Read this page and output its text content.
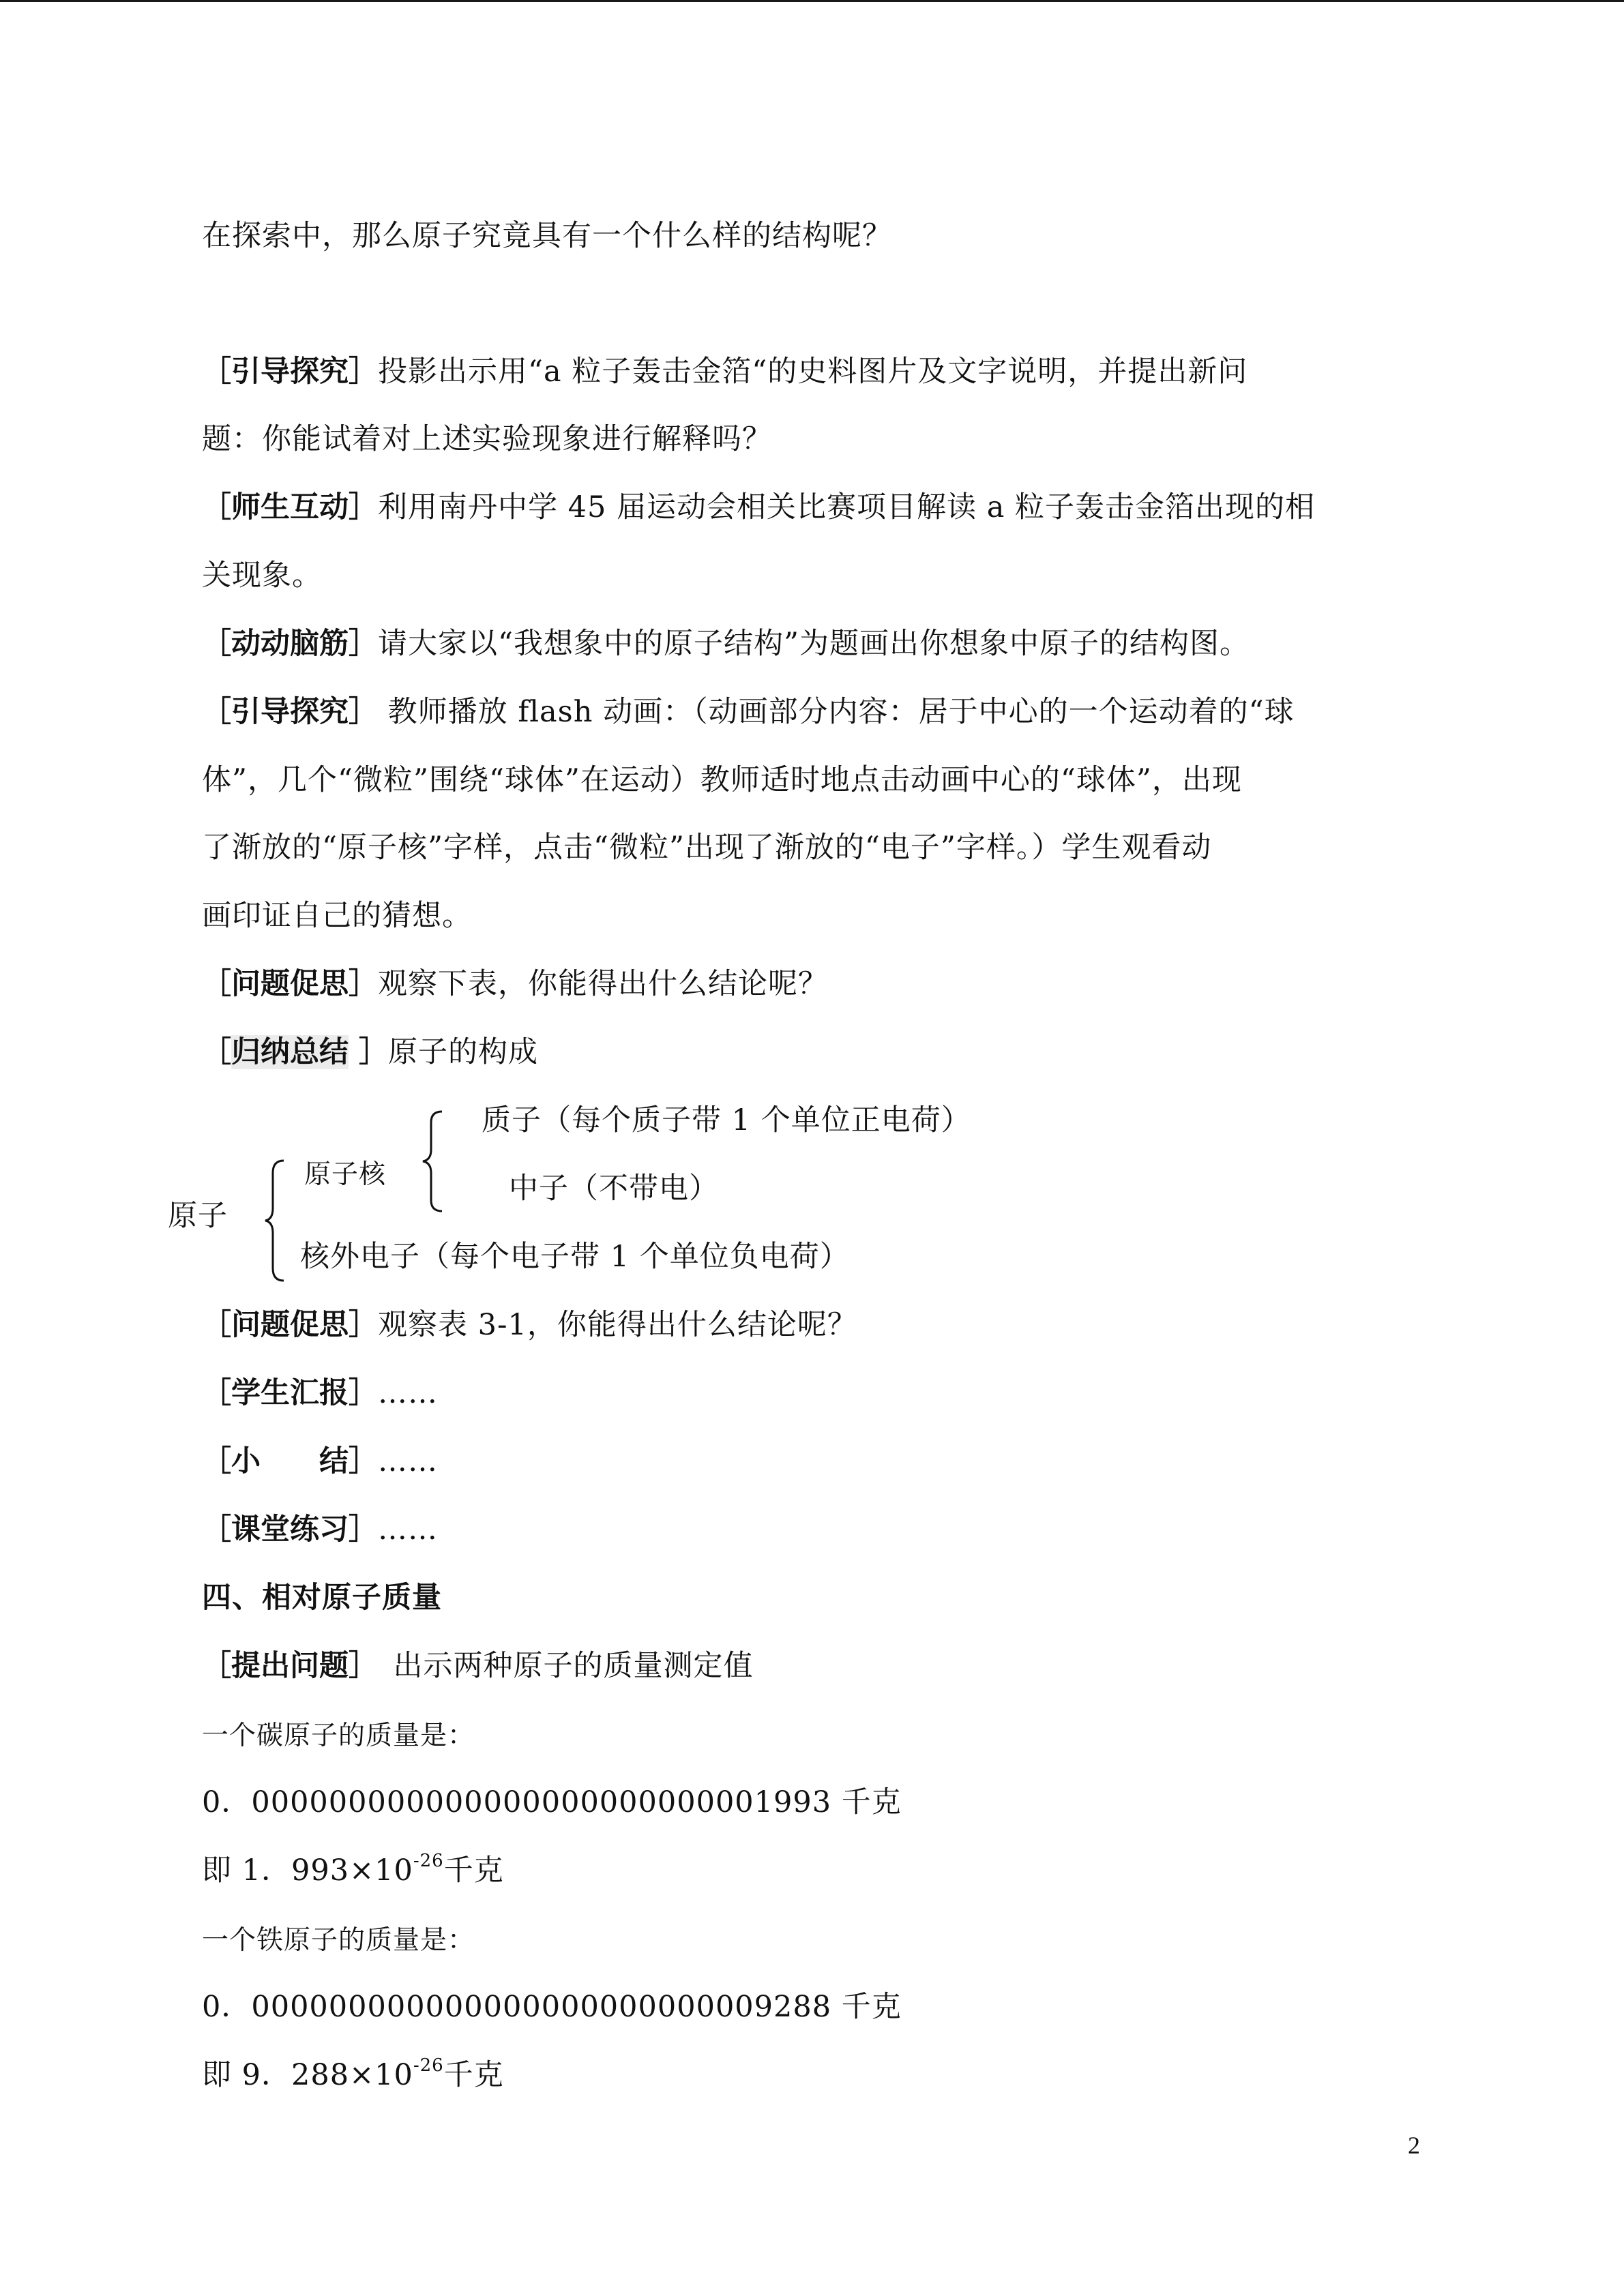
在探索中，那么原子究竟具有一个什么样的结构呢？
［引导探究］投影出示用“a 粒子轰击金箔“的史料图片及文字说明，并提出新问
题：你能试着对上述实验现象进行解释吗？
［师生互动］利用南丹中学 45 届运动会相关比赛项目解读 a 粒子轰击金箔出现的相
关现象。
［动动脑筋］请大家以“我想象中的原子结构”为题画出你想象中原子的结构图。
［引导探究］ 教师播放 flash 动画：（动画部分内容：居于中心的一个运动着的“球
体”，几个“微粒”围绕“球体”在运动）教师适时地点击动画中心的“球体”，出现
了渐放的“原子核”字样，点击“微粒”出现了渐放的“电子”字样。）学生观看动
画印证自己的猜想。
［问题促思］观察下表，你能得出什么结论呢？
［归纳总结 ］原子的构成
原子
原子核
质子（每个质子带 1 个单位正电荷）
中子（不带电）
核外电子（每个电子带 1 个单位负电荷）
［问题促思］观察表 3-1，你能得出什么结论呢？
［学生汇报］……
［小　　结］……
［课堂练习］……
四、相对原子质量
［提出问题］　 出示两种原子的质量测定值
一个碳原子的质量是：
0．000000000000000000000000001993 千克
即 1．$993\times 10^{-26}$千克
一个铁原子的质量是：
0．000000000000000000000000009288 千克
即 9．$288\times 10^{-26}$千克
2
